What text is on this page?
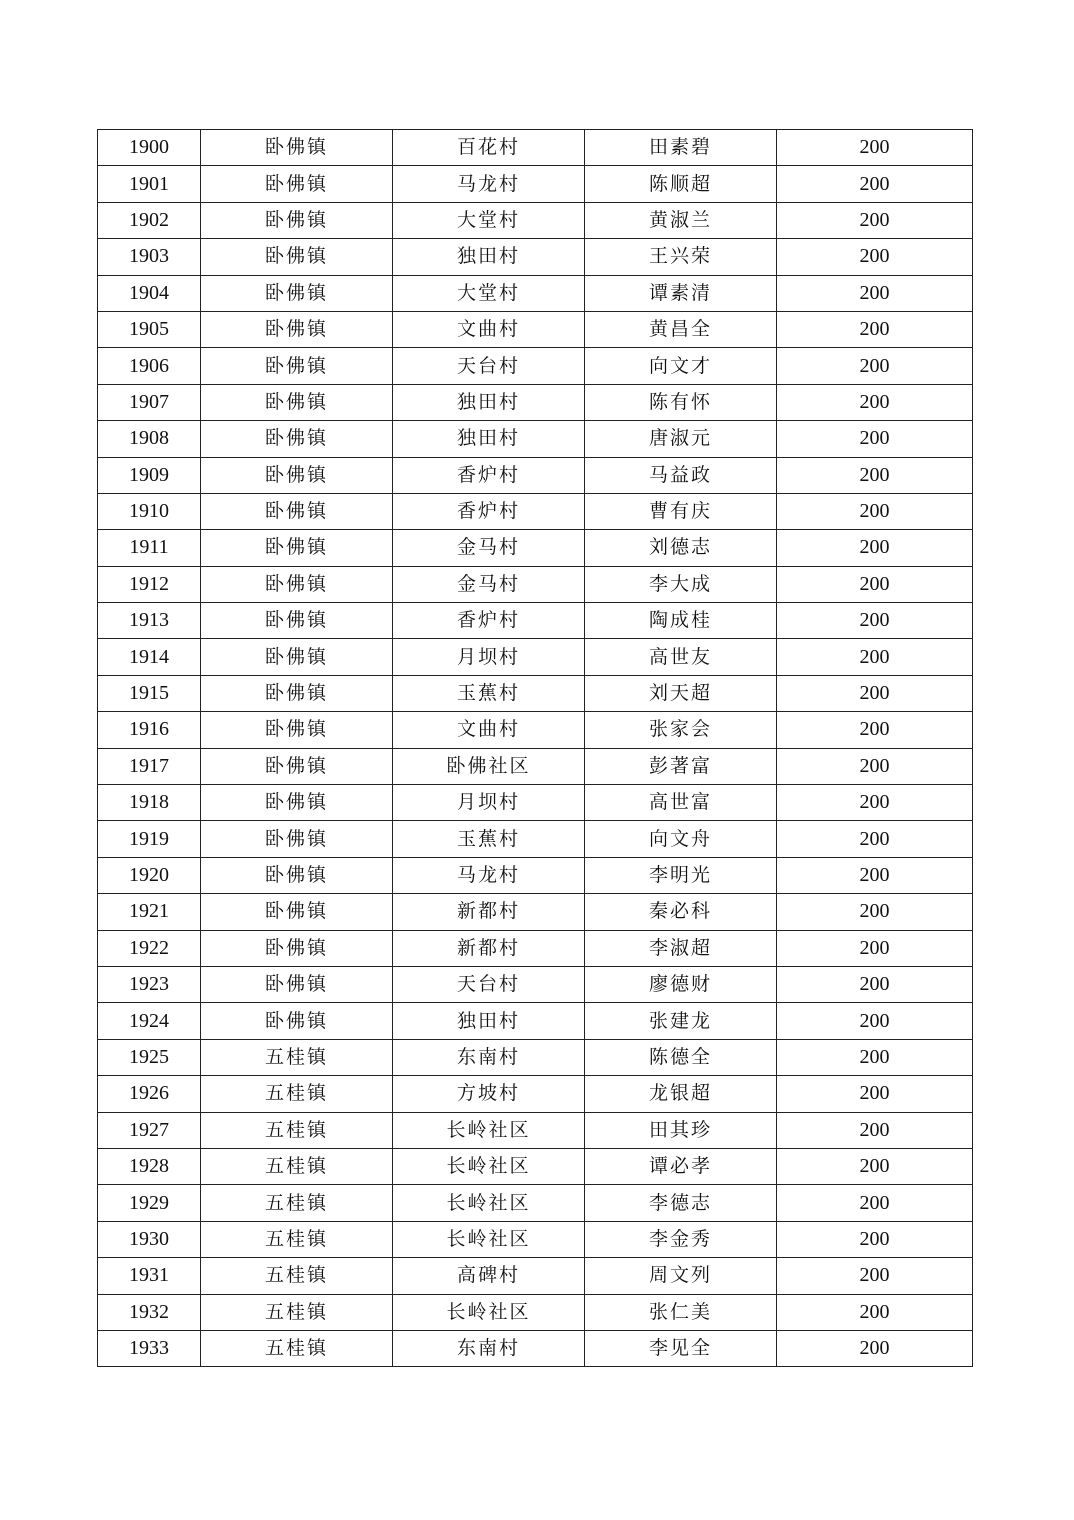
1900	卧佛镇	百花村	田素碧	200
1901	卧佛镇	马龙村	陈顺超	200
1902	卧佛镇	大堂村	黄淑兰	200
1903	卧佛镇	独田村	王兴荣	200
1904	卧佛镇	大堂村	谭素清	200
1905	卧佛镇	文曲村	黄昌全	200
1906	卧佛镇	天台村	向文才	200
1907	卧佛镇	独田村	陈有怀	200
1908	卧佛镇	独田村	唐淑元	200
1909	卧佛镇	香炉村	马益政	200
1910	卧佛镇	香炉村	曹有庆	200
1911	卧佛镇	金马村	刘德志	200
1912	卧佛镇	金马村	李大成	200
1913	卧佛镇	香炉村	陶成桂	200
1914	卧佛镇	月坝村	高世友	200
1915	卧佛镇	玉蕉村	刘天超	200
1916	卧佛镇	文曲村	张家会	200
1917	卧佛镇	卧佛社区	彭著富	200
1918	卧佛镇	月坝村	高世富	200
1919	卧佛镇	玉蕉村	向文舟	200
1920	卧佛镇	马龙村	李明光	200
1921	卧佛镇	新都村	秦必科	200
1922	卧佛镇	新都村	李淑超	200
1923	卧佛镇	天台村	廖德财	200
1924	卧佛镇	独田村	张建龙	200
1925	五桂镇	东南村	陈德全	200
1926	五桂镇	方坡村	龙银超	200
1927	五桂镇	长岭社区	田其珍	200
1928	五桂镇	长岭社区	谭必孝	200
1929	五桂镇	长岭社区	李德志	200
1930	五桂镇	长岭社区	李金秀	200
1931	五桂镇	高碑村	周文列	200
1932	五桂镇	长岭社区	张仁美	200
1933	五桂镇	东南村	李见全	200
